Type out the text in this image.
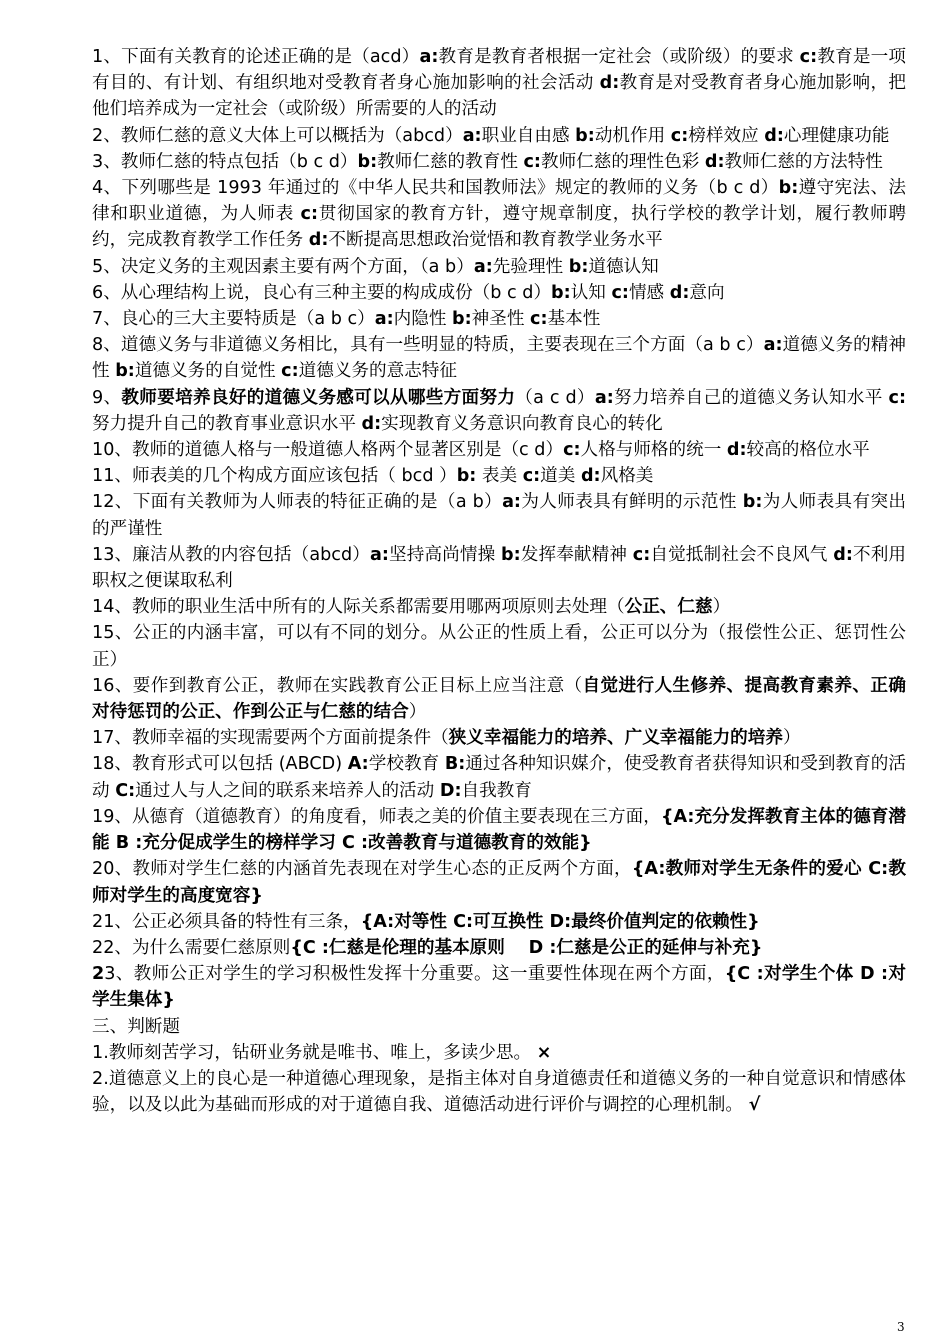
1、下面有关教育的论述正确的是（acd）a:教育是教育者根据一定社会（或阶级）的要求 c:教育是一项有目的、有计划、有组织地对受教育者身心施加影响的社会活动 d:教育是对受教育者身心施加影响，把他们培养成为一定社会（或阶级）所需要的人的活动

2、教师仁慈的意义大体上可以概括为（abcd）a:职业自由感 b:动机作用 c:榜样效应 d:心理健康功能

3、教师仁慈的特点包括（b c d）b:教师仁慈的教育性 c:教师仁慈的理性色彩 d:教师仁慈的方法特性

4、下列哪些是 1993 年通过的《中华人民共和国教师法》规定的教师的义务（b c d）b:遵守宪法、法律和职业道德，为人师表 c:贯彻国家的教育方针，遵守规章制度，执行学校的教学计划，履行教师聘约，完成教育教学工作任务 d:不断提高思想政治觉悟和教育教学业务水平

5、决定义务的主观因素主要有两个方面，（a b）a:先验理性 b:道德认知

6、从心理结构上说，良心有三种主要的构成成份（b c d）b:认知 c:情感 d:意向

7、良心的三大主要特质是（a b c）a:内隐性 b:神圣性 c:基本性

8、道德义务与非道德义务相比，具有一些明显的特质，主要表现在三个方面（a b c）a:道德义务的精神性 b:道德义务的自觉性 c:道德义务的意志特征

9、教师要培养良好的道德义务感可以从哪些方面努力（a c d）a:努力培养自己的道德义务认知水平 c:努力提升自己的教育事业意识水平 d:实现教育义务意识向教育良心的转化

10、教师的道德人格与一般道德人格两个显著区别是（c d）c:人格与师格的统一 d:较高的格位水平

11、师表美的几个构成方面应该包括（ bcd ）b: 表美 c:道美 d:风格美

12、下面有关教师为人师表的特征正确的是（a b）a:为人师表具有鲜明的示范性 b:为人师表具有突出的严谨性

13、廉洁从教的内容包括（abcd）a:坚持高尚情操 b:发挥奉献精神 c:自觉抵制社会不良风气 d:不利用职权之便谋取私利

14、教师的职业生活中所有的人际关系都需要用哪两项原则去处理（公正、仁慈）

15、公正的内涵丰富，可以有不同的划分。从公正的性质上看，公正可以分为（报偿性公正、惩罚性公正）

16、要作到教育公正，教师在实践教育公正目标上应当注意（自觉进行人生修养、提高教育素养、正确对待惩罚的公正、作到公正与仁慈的结合）

17、教师幸福的实现需要两个方面前提条件（狭义幸福能力的培养、广义幸福能力的培养）

18、教育形式可以包括 (ABCD) A:学校教育 B:通过各种知识媒介，使受教育者获得知识和受到教育的活动 C:通过人与人之间的联系来培养人的活动 D:自我教育

19、从德育（道德教育）的角度看，师表之美的价值主要表现在三方面，{A:充分发挥教育主体的德育潜能 B :充分促成学生的榜样学习 C :改善教育与道德教育的效能}

20、教师对学生仁慈的内涵首先表现在对学生心态的正反两个方面，{A:教师对学生无条件的爱心 C:教师对学生的高度宽容}

21、公正必须具备的特性有三条，{A:对等性 C:可互换性 D:最终价值判定的依赖性}

22、为什么需要仁慈原则{C :仁慈是伦理的基本原则　 D :仁慈是公正的延伸与补充}

23、教师公正对学生的学习积极性发挥十分重要。这一重要性体现在两个方面，{C :对学生个体 D :对学生集体}

三、判断题

1.教师刻苦学习，钻研业务就是唯书、唯上，多读少思。 ×

2.道德意义上的良心是一种道德心理现象，是指主体对自身道德责任和道德义务的一种自觉意识和情感体验，以及以此为基础而形成的对于道德自我、道德活动进行评价与调控的心理机制。 √

3
